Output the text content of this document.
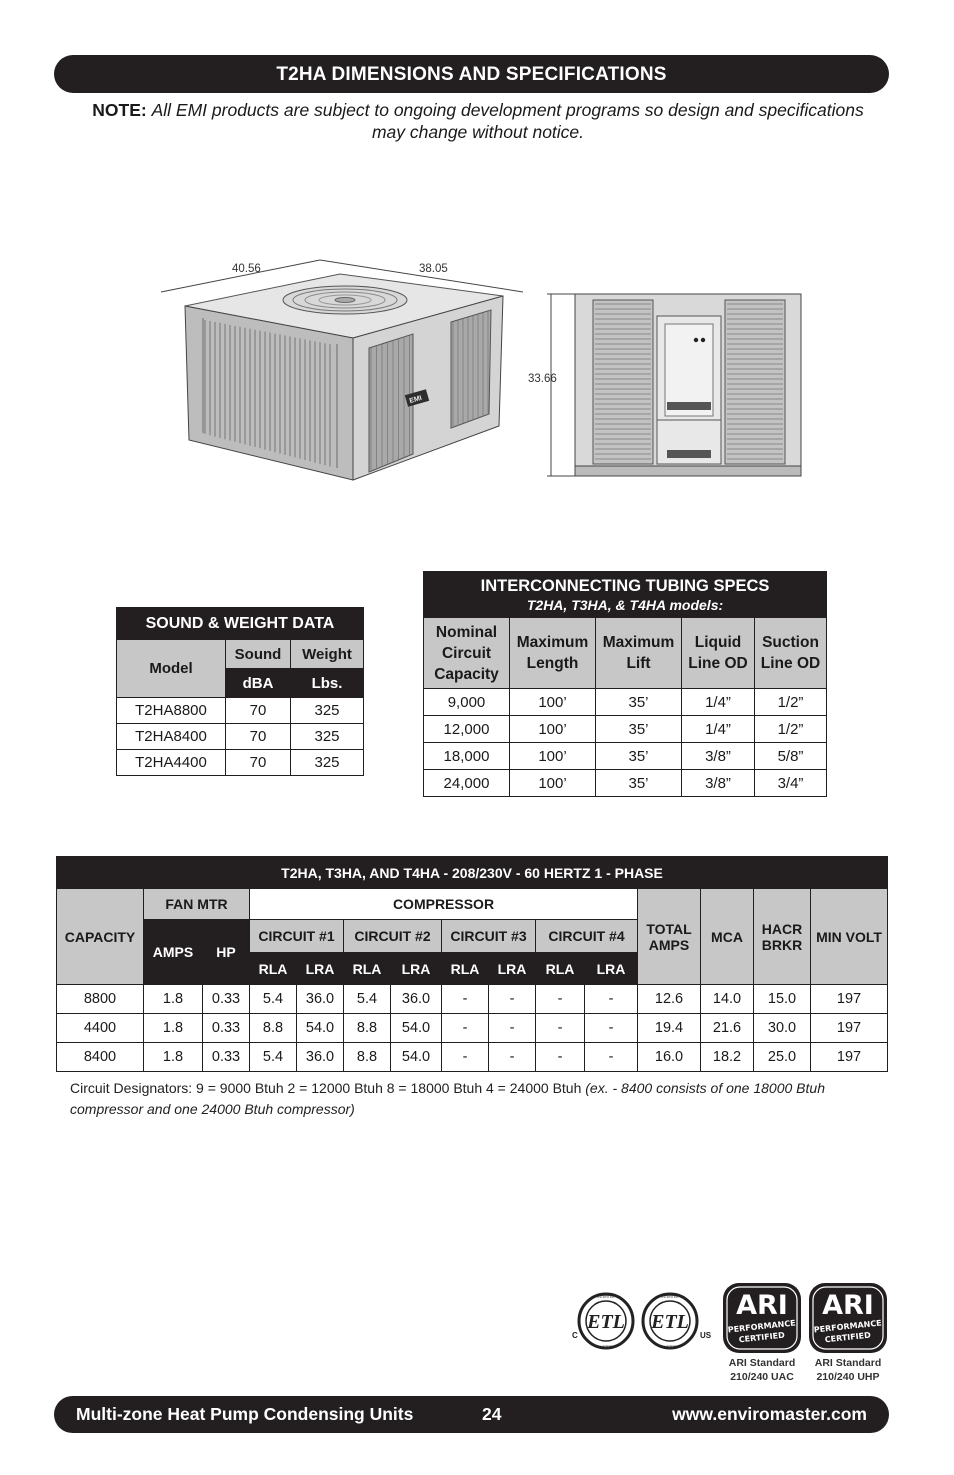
T2HA DIMENSIONS AND SPECIFICATIONS
NOTE: All EMI products are subject to ongoing development programs so design and specifications may change without notice.
EMI
40.56	38.05
33.66
SOUND & WEIGHT DATA		
Model	Sound	Weight
	dBA	Lbs.
T2HA8800	70	325
T2HA8400	70	325
T2HA4400	70	325
INTERCONNECTING TUBING SPECS				
T2HA, T3HA, & T4HA models:				
Nominal Circuit Capacity	Maximum Length	Maximum Lift	Liquid Line OD	Suction Line OD
9,000	100’	35’	1/4”	1/2”
12,000	100’	35’	1/4”	1/2”
18,000	100’	35’	3/8”	5/8”
24,000	100’	35’	3/8”	3/4”
T2HA, T3HA, AND T4HA - 208/230V - 60 HERTZ 1 - PHASE														
CAPACITY	FAN MTR		COMPRESSOR								TOTAL AMPS	MCA	HACR BRKR	MIN VOLT
	AMPS	HP	CIRCUIT #1		CIRCUIT #2		CIRCUIT #3		CIRCUIT #4					
			RLA	LRA	RLA	LRA	RLA	LRA	RLA	LRA				
8800	1.8	0.33	5.4	36.0	5.4	36.0	-	-	-	-	12.6	14.0	15.0	197
4400	1.8	0.33	8.8	54.0	8.8	54.0	-	-	-	-	19.4	21.6	30.0	197
8400	1.8	0.33	5.4	36.0	8.8	54.0	-	-	-	-	16.0	18.2	25.0	197
Circuit Designators: 9 = 9000 Btuh 2 = 12000 Btuh 8 = 18000 Btuh 4 = 24000 Btuh (ex. - 8400 consists of one 18000 Btuh compressor and one 24000 Btuh compressor)
ETL
INTERTEK
LISTED
C
ETL
INTERTEK
LISTED
US
ARI
PERFORMANCE
CERTIFIED
ARI
PERFORMANCE
CERTIFIED
ARI Standard
210/240 UAC
ARI Standard
210/240 UHP
Multi-zone Heat Pump Condensing Units	24	www.enviromaster.com
